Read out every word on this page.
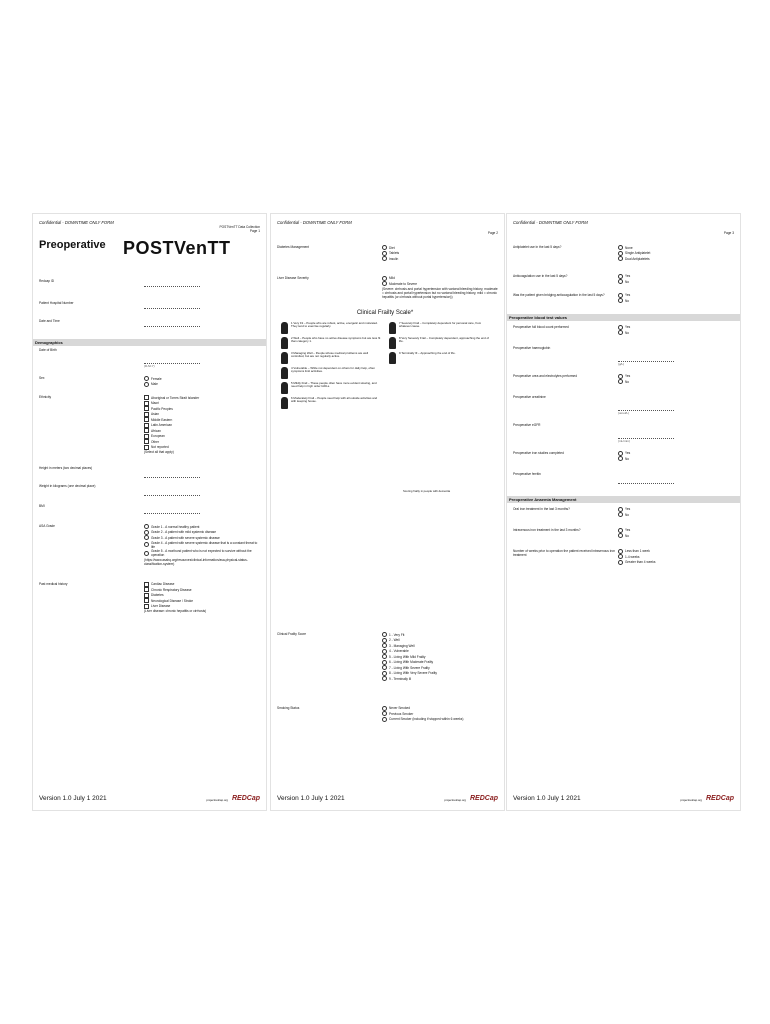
Confidential - DOWNTIME ONLY FORM
POSTVenTT Data Collection
Page 1
Preoperative POSTVenTT
Redcap ID
Patient Hospital Number
Date and Time
Demographics
Date of Birth
(D-M-Y)
Sex	Female
Male
Ethnicity	Aboriginal or Torres Strait Islander
Maori
Pacific Peoples
Asian
Middle Eastern
Latin American
African
European
Other
Not reported
(Select all that apply)
Height in meters (two decimal places)
Weight in kilograms (one decimal place)
BMI
ASA Grade	Grade 1 - A normal healthy patient
Grade 2 - A patient with mild systemic disease
Grade 3 - A patient with severe systemic disease
Grade 4 - A patient with severe systemic disease that is a constant threat to life
Grade 5 - A moribund patient who is not expected to survive without the operation
(https://www.asahq.org/resources/clinical-information/asa-physical-status-classification-system)
Past medical history	Cardiac Disease
Chronic Respiratory Disease
Diabetes
Neurological Disease / Stroke
Liver Disease
(Liver disease: chronic hepatitis or cirrhosis)
Version 1.0 July 1 2021	projectredcap.org REDCap
Confidential - DOWNTIME ONLY FORM
Page 2
Diabetes Management	Diet
Tablets
Insulin
Liver Disease Severity	Mild
Moderate to Severe
(Severe: cirrhosis and portal hypertension with variceal bleeding history, moderate = cirrhosis and portal hypertension but no variceal bleeding history, mild = chronic hepatitis (or cirrhosis without portal hypertension))
Clinical Frailty Scale*
1 Very Fit – People who are robust, active, energetic and motivated. They tend to exercise regularly.
2 Well – People who have no active disease symptoms but are less fit than category 1.
3 Managing Well – People whose medical problems are well controlled, but are not regularly active.
4 Vulnerable – While not dependent on others for daily help, often symptoms limit activities.
5 Mildly Frail – These people often have more evident slowing, and need help in high order IADLs.
6 Moderately Frail – People need help with all outside activities and with keeping house.
7 Severely Frail – Completely dependent for personal care, from whatever cause.
8 Very Severely Frail – Completely dependent, approaching the end of life.
9 Terminally Ill – Approaching the end of life.
Scoring frailty in people with dementia
Clinical Frailty Score	1 - Very Fit
2 - Well
3 - Managing Well
4 - Vulnerable
5 - Living With Mild Frailty
6 - Living With Moderate Frailty
7 - Living With Severe Frailty
8 - Living With Very Severe Frailty
9 - Terminally Ill
Smoking Status	Never Smoked
Previous Smoker
Current Smoker (including if stopped within 6 weeks)
Version 1.0 July 1 2021	projectredcap.org REDCap
Confidential - DOWNTIME ONLY FORM
Page 3
Antiplatelet use in the last 5 days?	None
Single Antiplatelet
Dual Antiplatelets
Anticoagulation use in the last 5 days?	Yes
No
Was the patient given bridging anticoagulation in the last 5 days?	Yes
No
Preoperative blood test values
Preoperative full blood count performed	Yes
No
Preoperative haemoglobin
(g/L)
Preoperative urea and electrolytes performed	Yes
No
Preoperative creatinine
(umol/L)
Preoperative eGFR
(mL/min)
Preoperative iron studies completed	Yes
No
Preoperative ferritin
Preoperative Anaemia Management
Oral iron treatment in the last 3 months?	Yes
No
Intravenous iron treatment in the last 3 months?	Yes
No
Number of weeks prior to operation the patient received intravenous iron treatment
Less than 1 week
1-4 weeks
Greater than 4 weeks
Version 1.0 July 1 2021	projectredcap.org REDCap
